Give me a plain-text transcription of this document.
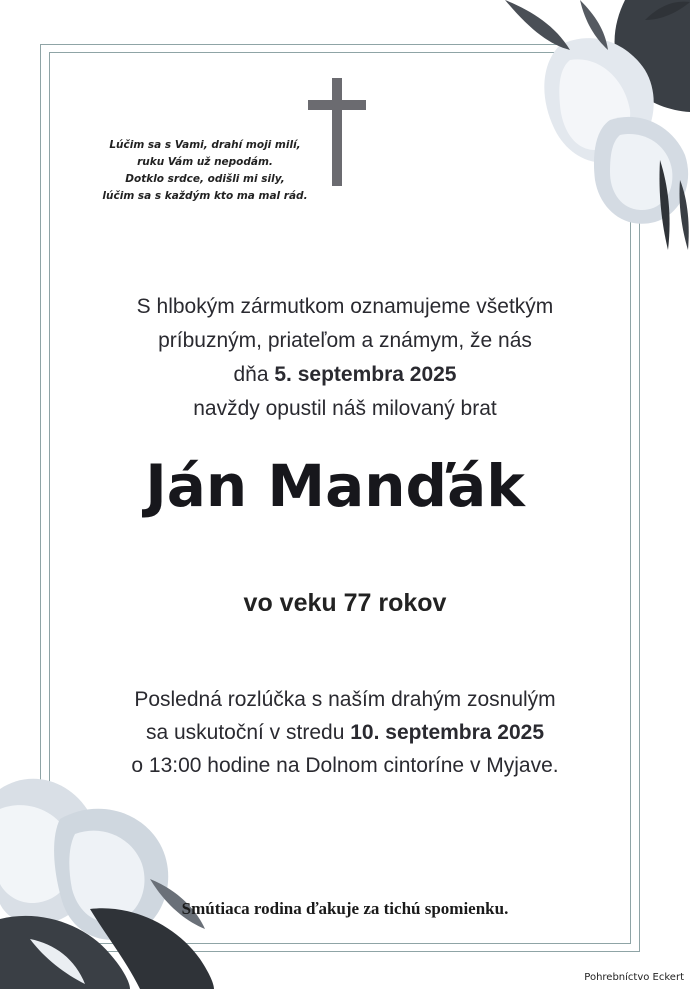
Lúčim sa s Vami, drahí moji milí,
ruku Vám už nepodám.
Dotklo srdce, odišli mi sily,
lúčim sa s každým kto ma mal rád.
S hlbokým zármutkom oznamujeme všetkým
príbuzným, priateľom a známym, že nás
dňa 5. septembra 2025
navždy opustil náš milovaný brat
Ján Manďák
vo veku 77 rokov
Posledná rozlúčka s naším drahým zosnulým
sa uskutoční v stredu 10. septembra 2025
o 13:00 hodine na Dolnom cintoríne v Myjave.
Smútiaca rodina ďakuje za tichú spomienku.
Pohrebníctvo Eckert
